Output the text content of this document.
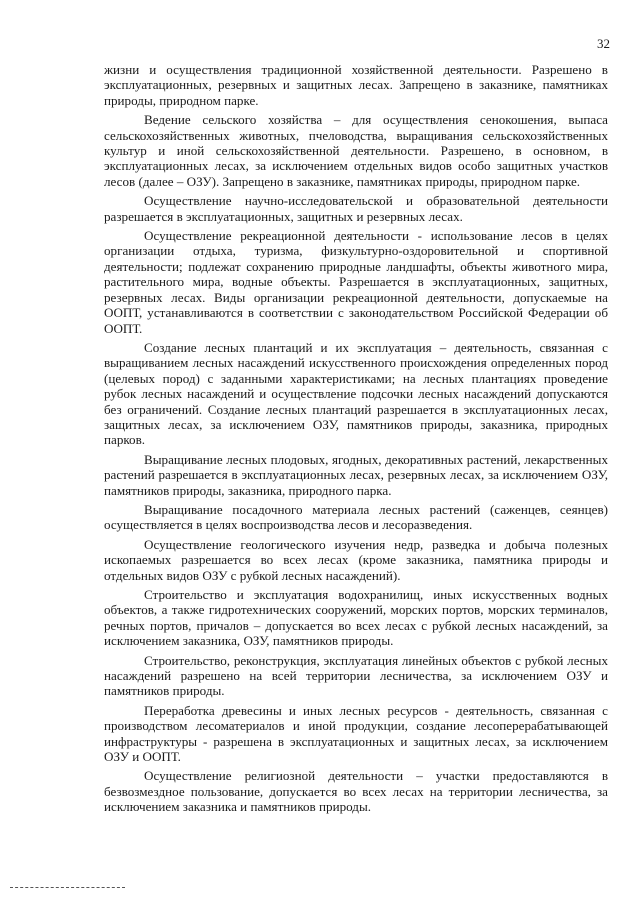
32

жизни и осуществления традиционной хозяйственной деятельности. Разрешено в эксплуатационных, резервных и защитных лесах. Запрещено в заказнике, памятниках природы, природном парке.

Ведение сельского хозяйства – для осуществления сенокошения, выпаса сельскохозяйственных животных, пчеловодства, выращивания сельскохозяйственных культур и иной сельскохозяйственной деятельности. Разрешено, в основном, в эксплуатационных лесах, за исключением отдельных видов особо защитных участков лесов (далее – ОЗУ). Запрещено в заказнике, памятниках природы, природном парке.

Осуществление научно-исследовательской и образовательной деятельности разрешается в эксплуатационных, защитных и резервных лесах.

Осуществление рекреационной деятельности - использование лесов в целях организации отдыха, туризма, физкультурно-оздоровительной и спортивной деятельности; подлежат сохранению природные ландшафты, объекты животного мира, растительного мира, водные объекты. Разрешается в эксплуатационных, защитных, резервных лесах. Виды организации рекреационной деятельности, допускаемые на ООПТ, устанавливаются в соответствии с законодательством Российской Федерации об ООПТ.

Создание лесных плантаций и их эксплуатация – деятельность, связанная с выращиванием лесных насаждений искусственного происхождения определенных пород (целевых пород) с заданными характеристиками; на лесных плантациях проведение рубок лесных насаждений и осуществление подсочки лесных насаждений допускаются без ограничений. Создание лесных плантаций разрешается в эксплуатационных лесах, защитных лесах, за исключением ОЗУ, памятников природы, заказника, природных парков.

Выращивание лесных плодовых, ягодных, декоративных растений, лекарственных растений разрешается в эксплуатационных лесах, резервных лесах, за исключением ОЗУ, памятников природы, заказника, природного парка.

Выращивание посадочного материала лесных растений (саженцев, сеянцев) осуществляется в целях воспроизводства лесов и лесоразведения.

Осуществление геологического изучения недр, разведка и добыча полезных ископаемых разрешается во всех лесах (кроме заказника, памятника природы и отдельных видов ОЗУ с рубкой лесных насаждений).

Строительство и эксплуатация водохранилищ, иных искусственных водных объектов, а также гидротехнических сооружений, морских портов, морских терминалов, речных портов, причалов – допускается во всех лесах с рубкой лесных насаждений, за исключением заказника, ОЗУ, памятников природы.

Строительство, реконструкция, эксплуатация линейных объектов с рубкой лесных насаждений разрешено на всей территории лесничества, за исключением ОЗУ и памятников природы.

Переработка древесины и иных лесных ресурсов - деятельность, связанная с производством лесоматериалов и иной продукции, создание лесоперерабатывающей инфраструктуры - разрешена в эксплуатационных и защитных лесах, за исключением ОЗУ и ООПТ.

Осуществление религиозной деятельности – участки предоставляются в безвозмездное пользование, допускается во всех лесах на территории лесничества, за исключением заказника и памятников природы.
